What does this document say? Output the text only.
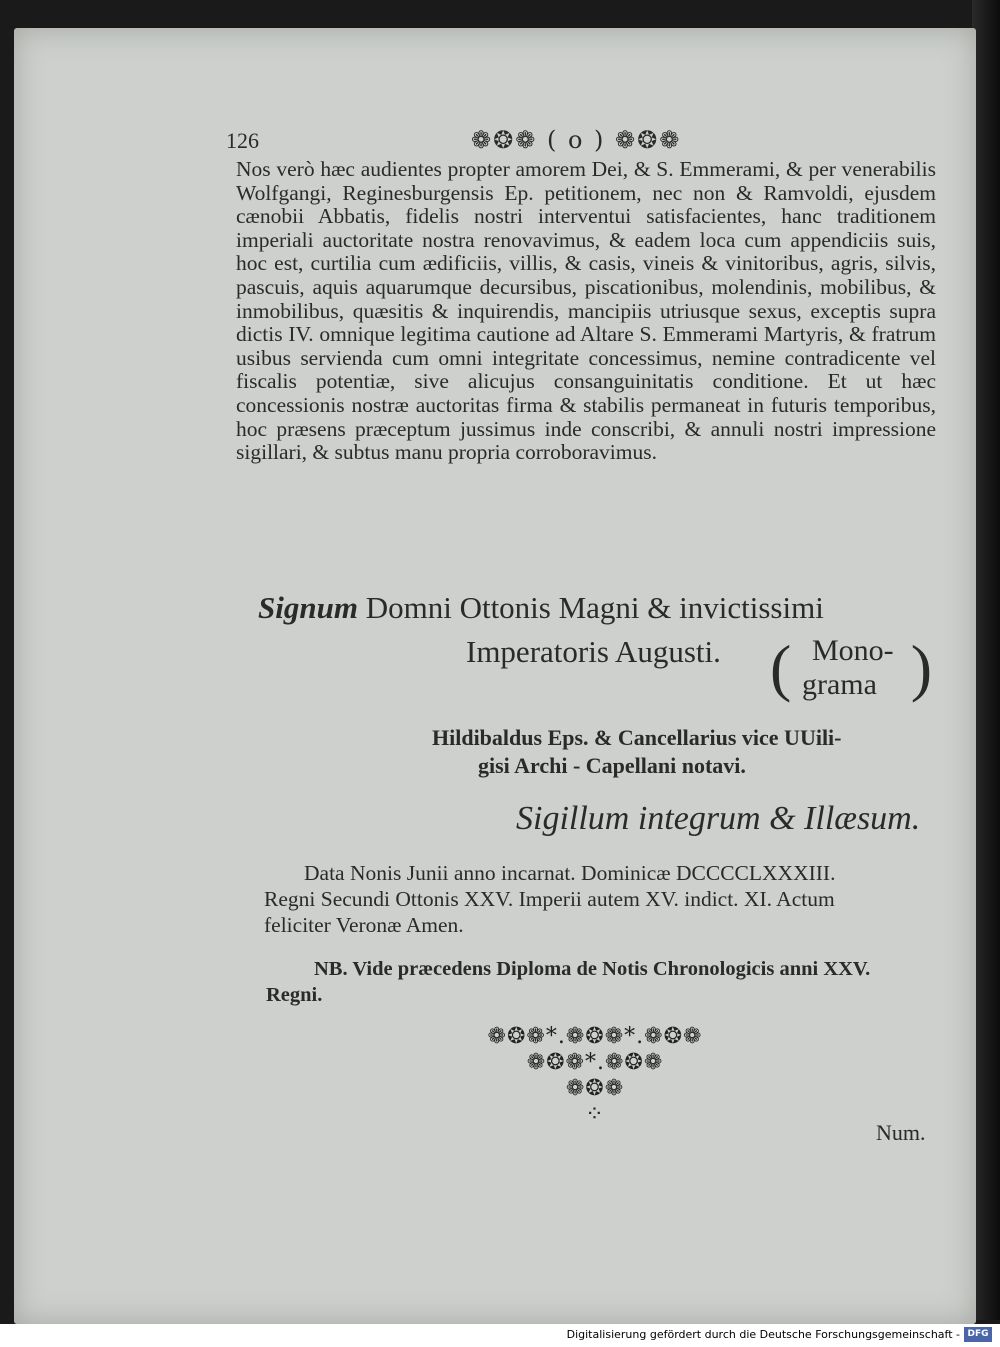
126	❁❂❁ ( o ) ❁❂❁

Nos verò hæc audientes propter amorem Dei, & S. Emmerami, & per venerabilis Wolfgangi, Reginesburgensis Ep. petitionem, nec non & Ramvoldi, ejusdem cænobii Abbatis, fidelis nostri interventui satisfacientes, hanc traditionem imperiali auctoritate nostra renovavimus, & eadem loca cum appendiciis suis, hoc est, curtilia cum ædificiis, villis, & casis, vineis & vinitoribus, agris, silvis, pascuis, aquis aquarumque decursibus, piscationibus, molendinis, mobilibus, & inmobilibus, quæsitis & inquirendis, mancipiis utriusque sexus, exceptis supra dictis IV. omnique legitima cautione ad Altare S. Emmerami Martyris, & fratrum usibus servienda cum omni integritate concessimus, nemine contradicente vel fiscalis potentiæ, sive alicujus consanguinitatis conditione. Et ut hæc concessionis nostræ auctoritas firma & stabilis permaneat in futuris temporibus, hoc præsens præceptum jussimus inde conscribi, & annuli nostri impressione sigillari, & subtus manu propria corroboravimus.

Signum Domni Ottonis Magni & invictissimi
Imperatoris Augusti. ( Mono-
grama )
Hildibaldus Eps. & Cancellarius vice UUili-
gisi Archi - Capellani notavi.
Sigillum integrum & Illæsum.
Data Nonis Junii anno incarnat. Dominicæ DCCCCLXXXIII.
Regni Secundi Ottonis XXV. Imperii autem XV. indict. XI. Actum
feliciter Veronæ Amen.
NB. Vide præcedens Diploma de Notis Chronologicis anni XXV.
Regni.
❁❂❁*.❁❂❁*.❁❂❁
❁❂❁*.❁❂❁
❁❂❁
⁘
Num.
Digitalisierung gefördert durch die Deutsche Forschungsgemeinschaft - DFG
